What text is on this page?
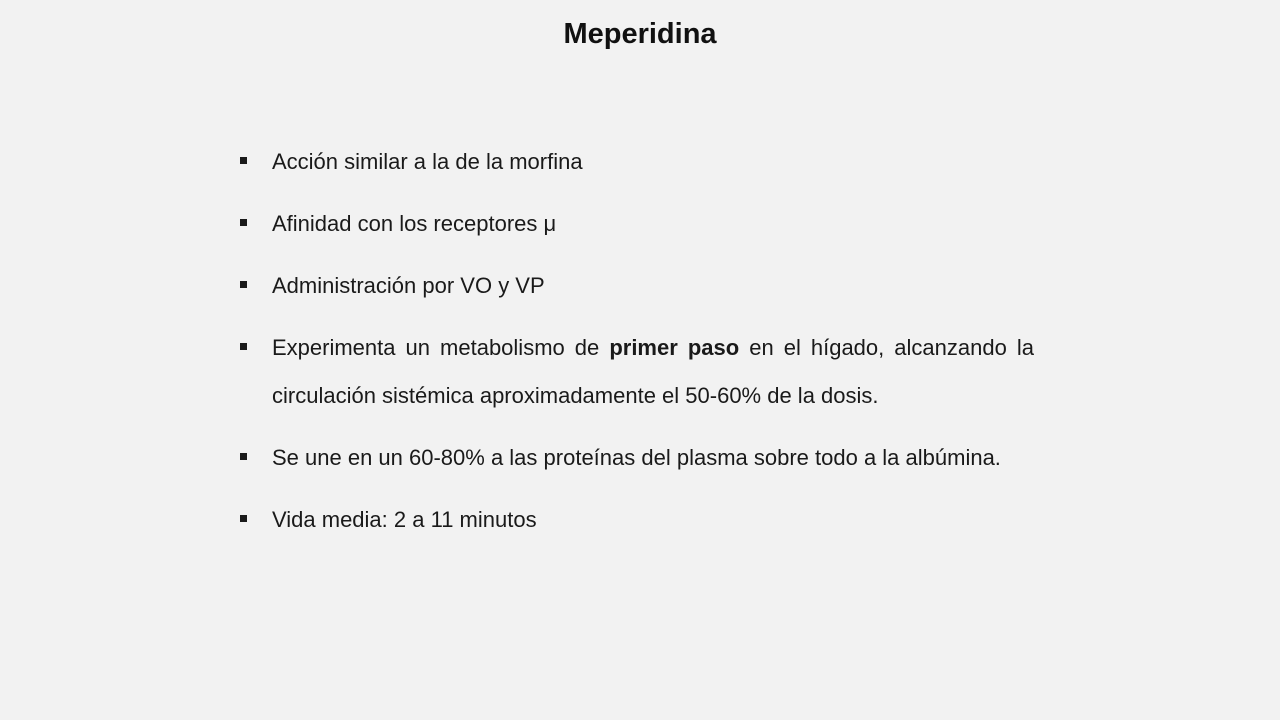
Meperidina
Acción similar a la de la morfina
Afinidad con los receptores μ
Administración por VO y VP
Experimenta un metabolismo de primer paso en el hígado, alcanzando la circulación sistémica aproximadamente el 50-60% de la dosis.
Se une en un 60-80% a las proteínas del plasma sobre todo a la albúmina.
Vida media: 2 a 11 minutos
